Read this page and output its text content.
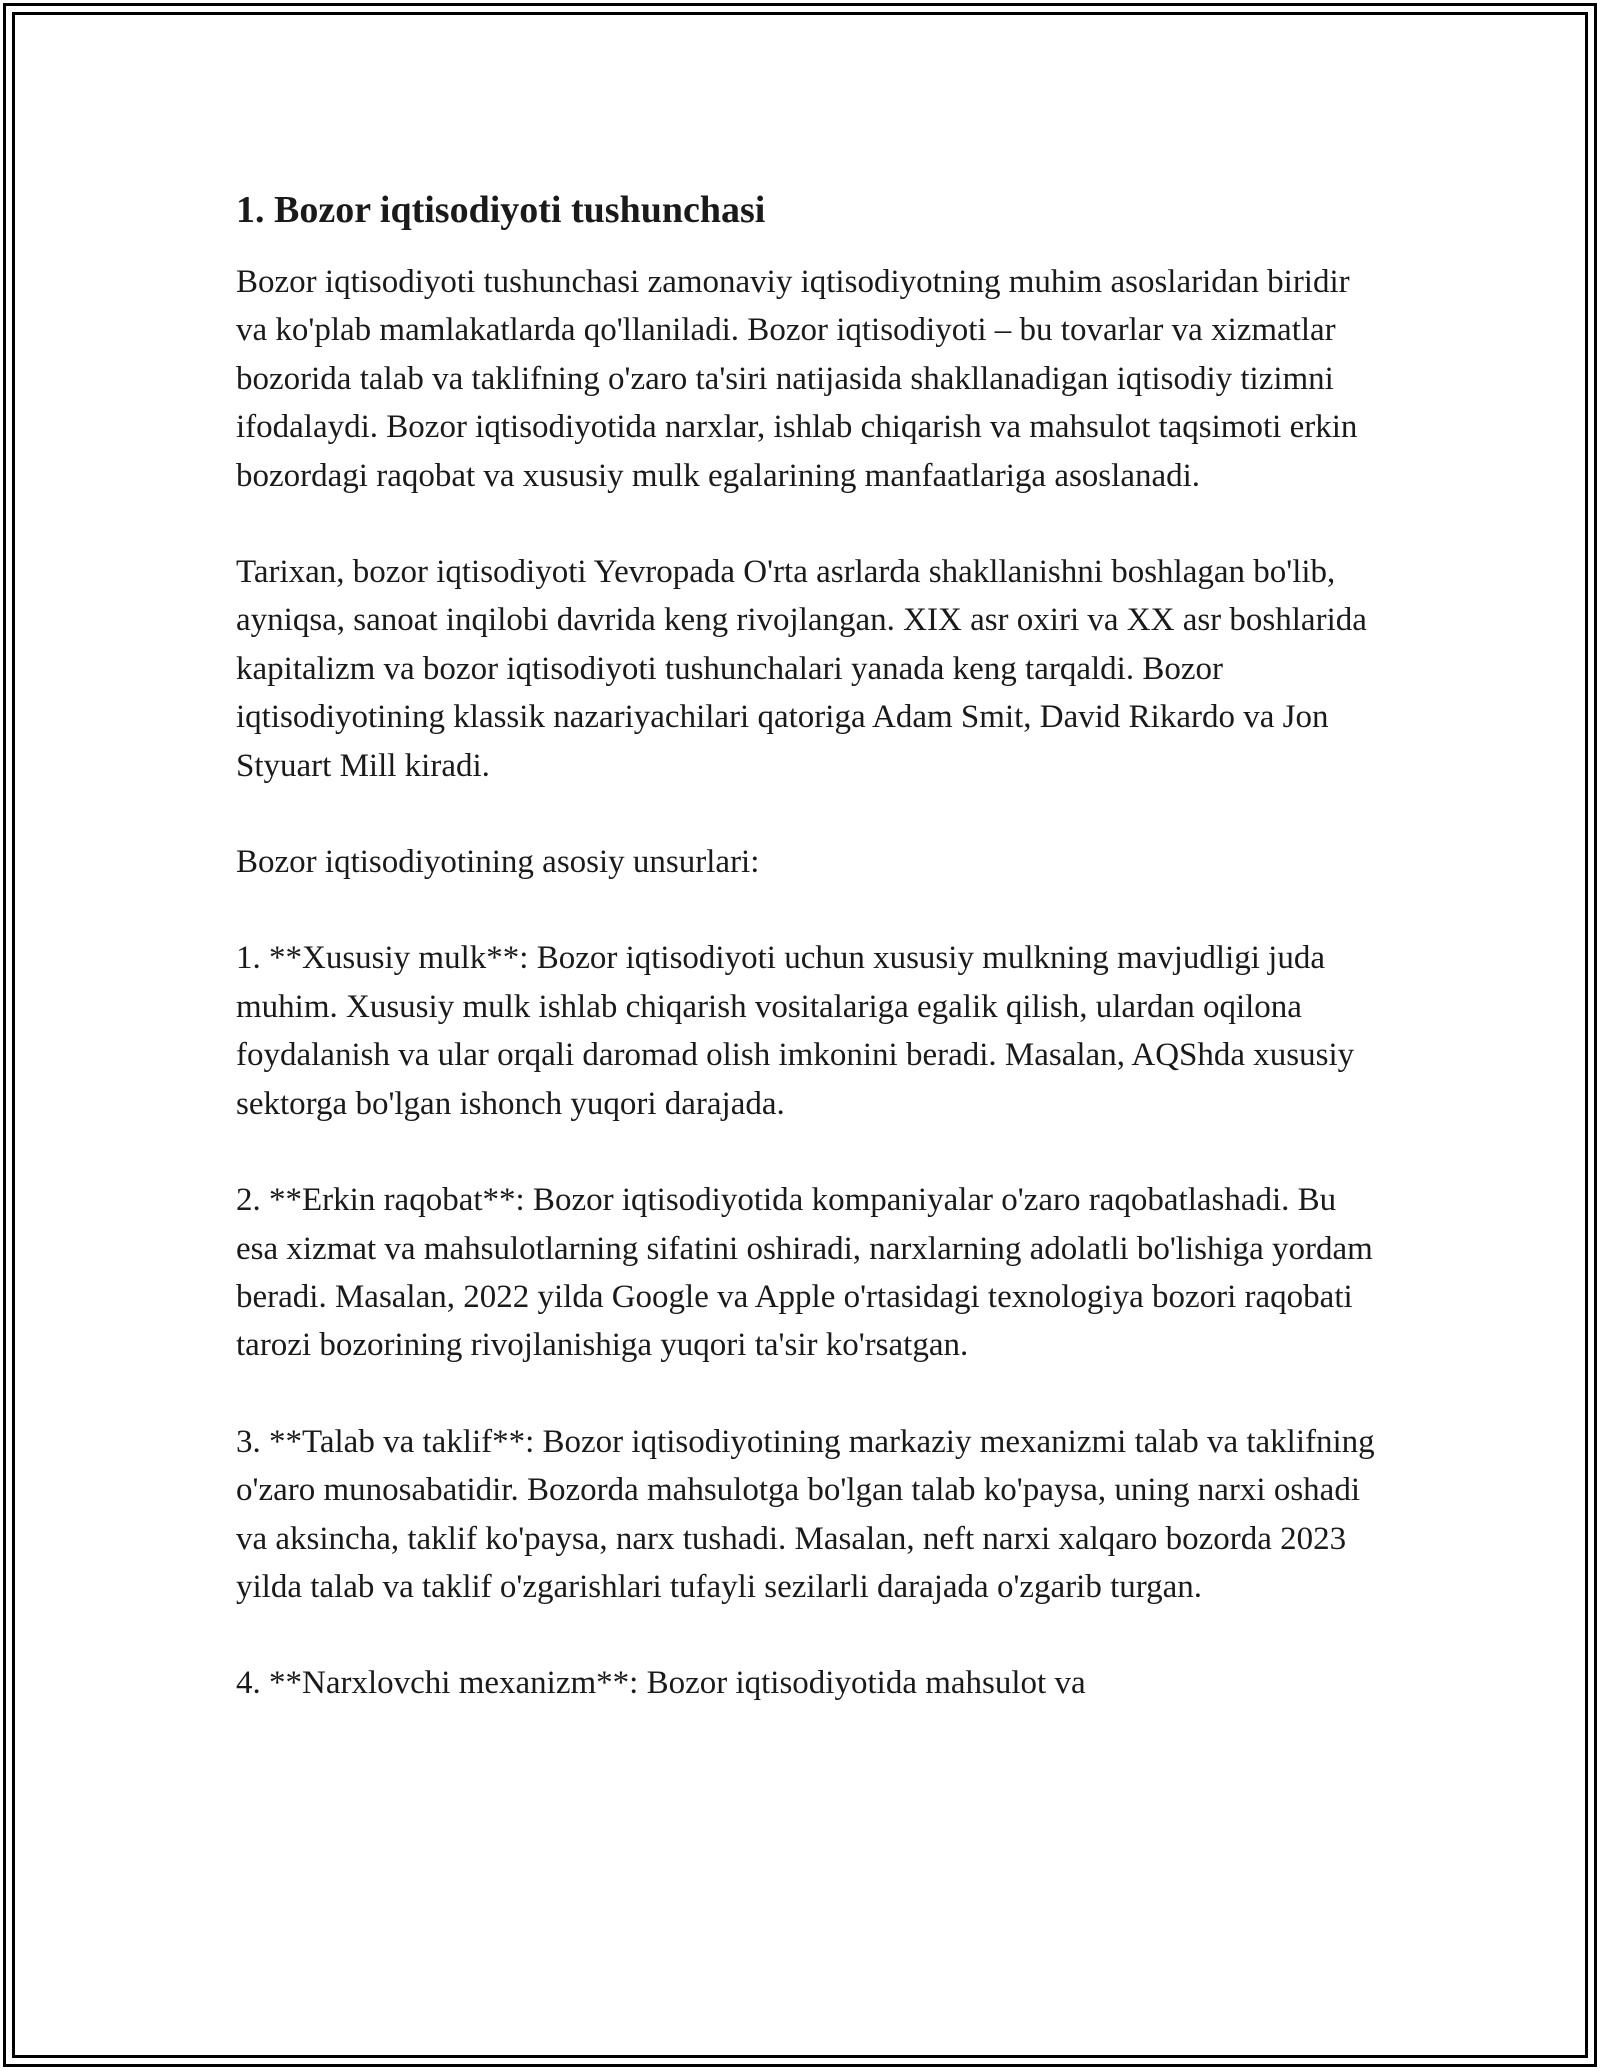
1. Bozor iqtisodiyoti tushunchasi

Bozor iqtisodiyoti tushunchasi zamonaviy iqtisodiyotning muhim asoslaridan biridir va ko'plab mamlakatlarda qo'llaniladi. Bozor iqtisodiyoti – bu tovarlar va xizmatlar bozorida talab va taklifning o'zaro ta'siri natijasida shakllanadigan iqtisodiy tizimni ifodalaydi. Bozor iqtisodiyotida narxlar, ishlab chiqarish va mahsulot taqsimoti erkin bozordagi raqobat va xususiy mulk egalarining manfaatlariga asoslanadi.

Tarixan, bozor iqtisodiyoti Yevropada O'rta asrlarda shakllanishni boshlagan bo'lib, ayniqsa, sanoat inqilobi davrida keng rivojlangan. XIX asr oxiri va XX asr boshlarida kapitalizm va bozor iqtisodiyoti tushunchalari yanada keng tarqaldi. Bozor iqtisodiyotining klassik nazariyachilari qatoriga Adam Smit, David Rikardo va Jon Styuart Mill kiradi.

Bozor iqtisodiyotining asosiy unsurlari:

1. **Xususiy mulk**: Bozor iqtisodiyoti uchun xususiy mulkning mavjudligi juda muhim. Xususiy mulk ishlab chiqarish vositalariga egalik qilish, ulardan oqilona foydalanish va ular orqali daromad olish imkonini beradi. Masalan, AQShda xususiy sektorga bo'lgan ishonch yuqori darajada.

2. **Erkin raqobat**: Bozor iqtisodiyotida kompaniyalar o'zaro raqobatlashadi. Bu esa xizmat va mahsulotlarning sifatini oshiradi, narxlarning adolatli bo'lishiga yordam beradi. Masalan, 2022 yilda Google va Apple o'rtasidagi texnologiya bozori raqobati tarozi bozorining rivojlanishiga yuqori ta'sir ko'rsatgan.

3. **Talab va taklif**: Bozor iqtisodiyotining markaziy mexanizmi talab va taklifning o'zaro munosabatidir. Bozorda mahsulotga bo'lgan talab ko'paysa, uning narxi oshadi va aksincha, taklif ko'paysa, narx tushadi. Masalan, neft narxi xalqaro bozorda 2023 yilda talab va taklif o'zgarishlari tufayli sezilarli darajada o'zgarib turgan.

4. **Narxlovchi mexanizm**: Bozor iqtisodiyotida mahsulot va
